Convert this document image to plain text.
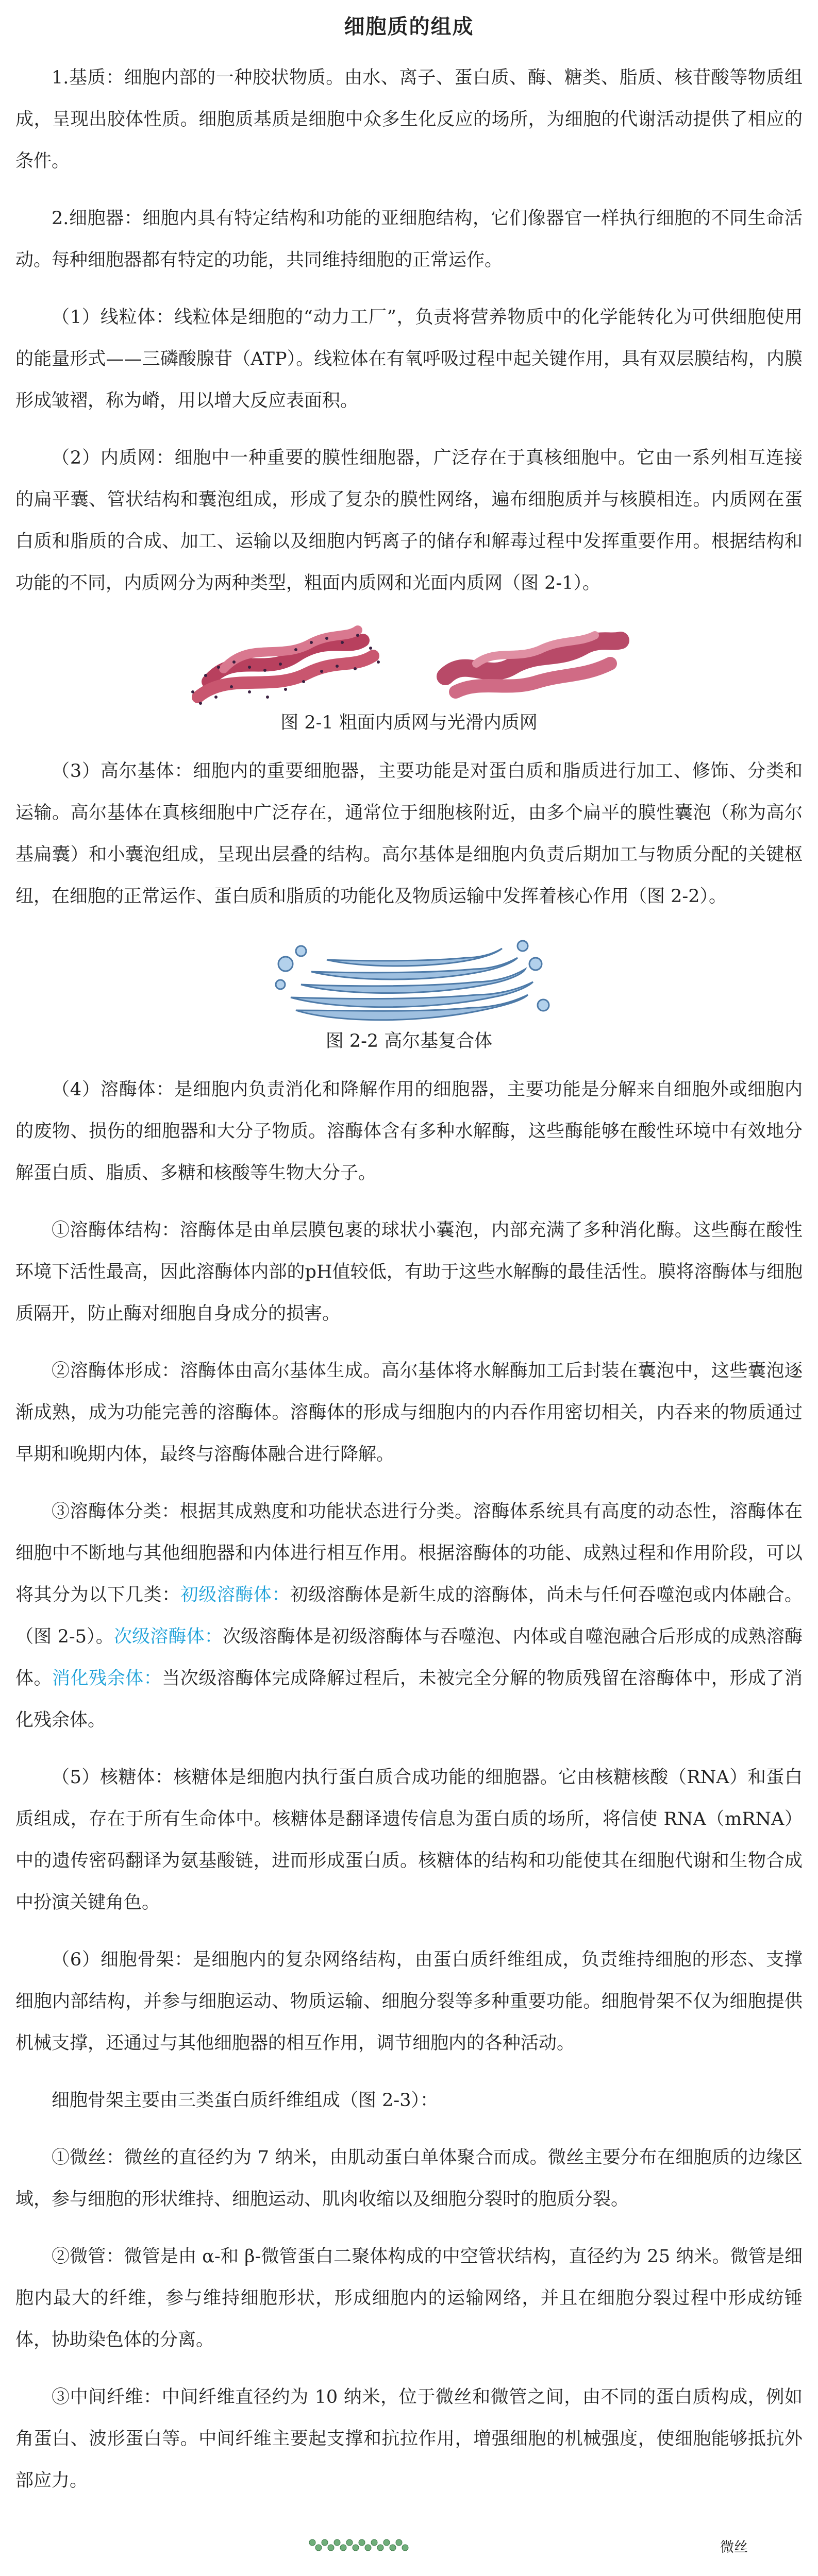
细胞质的组成

1.基质：细胞内部的一种胶状物质。由水、离子、蛋白质、酶、糖类、脂质、核苷酸等物质组成，呈现出胶体性质。细胞质基质是细胞中众多生化反应的场所，为细胞的代谢活动提供了相应的条件。

2.细胞器：细胞内具有特定结构和功能的亚细胞结构，它们像器官一样执行细胞的不同生命活动。每种细胞器都有特定的功能，共同维持细胞的正常运作。

（1）线粒体：线粒体是细胞的“动力工厂”，负责将营养物质中的化学能转化为可供细胞使用的能量形式——三磷酸腺苷（ATP）。线粒体在有氧呼吸过程中起关键作用，具有双层膜结构，内膜形成皱褶，称为嵴，用以增大反应表面积。

（2）内质网：细胞中一种重要的膜性细胞器，广泛存在于真核细胞中。它由一系列相互连接的扁平囊、管状结构和囊泡组成，形成了复杂的膜性网络，遍布细胞质并与核膜相连。内质网在蛋白质和脂质的合成、加工、运输以及细胞内钙离子的储存和解毒过程中发挥重要作用。根据结构和功能的不同，内质网分为两种类型，粗面内质网和光面内质网（图 2-1）。

图 2-1 粗面内质网与光滑内质网

（3）高尔基体：细胞内的重要细胞器，主要功能是对蛋白质和脂质进行加工、修饰、分类和运输。高尔基体在真核细胞中广泛存在，通常位于细胞核附近，由多个扁平的膜性囊泡（称为高尔基扁囊）和小囊泡组成，呈现出层叠的结构。高尔基体是细胞内负责后期加工与物质分配的关键枢纽，在细胞的正常运作、蛋白质和脂质的功能化及物质运输中发挥着核心作用（图 2-2）。

图 2-2 高尔基复合体

（4）溶酶体：是细胞内负责消化和降解作用的细胞器，主要功能是分解来自细胞外或细胞内的废物、损伤的细胞器和大分子物质。溶酶体含有多种水解酶，这些酶能够在酸性环境中有效地分解蛋白质、脂质、多糖和核酸等生物大分子。

①溶酶体结构：溶酶体是由单层膜包裹的球状小囊泡，内部充满了多种消化酶。这些酶在酸性环境下活性最高，因此溶酶体内部的pH值较低，有助于这些水解酶的最佳活性。膜将溶酶体与细胞质隔开，防止酶对细胞自身成分的损害。

②溶酶体形成：溶酶体由高尔基体生成。高尔基体将水解酶加工后封装在囊泡中，这些囊泡逐渐成熟，成为功能完善的溶酶体。溶酶体的形成与细胞内的内吞作用密切相关，内吞来的物质通过早期和晚期内体，最终与溶酶体融合进行降解。

③溶酶体分类：根据其成熟度和功能状态进行分类。溶酶体系统具有高度的动态性，溶酶体在细胞中不断地与其他细胞器和内体进行相互作用。根据溶酶体的功能、成熟过程和作用阶段，可以将其分为以下几类：初级溶酶体：初级溶酶体是新生成的溶酶体，尚未与任何吞噬泡或内体融合。（图 2-5）。次级溶酶体：次级溶酶体是初级溶酶体与吞噬泡、内体或自噬泡融合后形成的成熟溶酶体。消化残余体：当次级溶酶体完成降解过程后，未被完全分解的物质残留在溶酶体中，形成了消化残余体。

（5）核糖体：核糖体是细胞内执行蛋白质合成功能的细胞器。它由核糖核酸（RNA）和蛋白质组成，存在于所有生命体中。核糖体是翻译遗传信息为蛋白质的场所，将信使 RNA（mRNA）中的遗传密码翻译为氨基酸链，进而形成蛋白质。核糖体的结构和功能使其在细胞代谢和生物合成中扮演关键角色。

（6）细胞骨架：是细胞内的复杂网络结构，由蛋白质纤维组成，负责维持细胞的形态、支撑细胞内部结构，并参与细胞运动、物质运输、细胞分裂等多种重要功能。细胞骨架不仅为细胞提供机械支撑，还通过与其他细胞器的相互作用，调节细胞内的各种活动。

细胞骨架主要由三类蛋白质纤维组成（图 2-3）：

①微丝：微丝的直径约为 7 纳米，由肌动蛋白单体聚合而成。微丝主要分布在细胞质的边缘区域，参与细胞的形状维持、细胞运动、肌肉收缩以及细胞分裂时的胞质分裂。

②微管：微管是由 α-和 β-微管蛋白二聚体构成的中空管状结构，直径约为 25 纳米。微管是细胞内最大的纤维，参与维持细胞形状，形成细胞内的运输网络，并且在细胞分裂过程中形成纺锤体，协助染色体的分离。

③中间纤维：中间纤维直径约为 10 纳米，位于微丝和微管之间，由不同的蛋白质构成，例如角蛋白、波形蛋白等。中间纤维主要起支撑和抗拉作用，增强细胞的机械强度，使细胞能够抵抗外部应力。

微丝
